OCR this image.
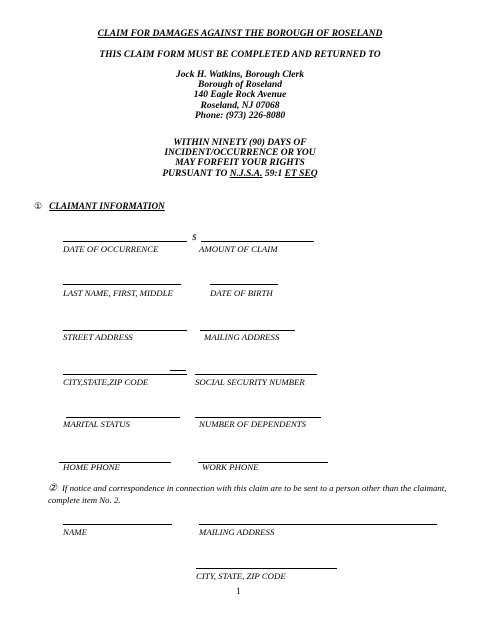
CLAIM FOR DAMAGES AGAINST THE BOROUGH OF ROSELAND
THIS CLAIM FORM MUST BE COMPLETED AND RETURNED TO
Jock H. Watkins, Borough Clerk
Borough of Roseland
140 Eagle Rock Avenue
Roseland, NJ 07068
Phone: (973) 226-8080
WITHIN NINETY (90) DAYS OF
INCIDENT/OCCURRENCE OR YOU
MAY FORFEIT YOUR RIGHTS
PURSUANT TO N.J.S.A. 59:1 ET SEQ
① CLAIMANT INFORMATION
$
DATE OF OCCURRENCE	AMOUNT OF CLAIM
LAST NAME, FIRST, MIDDLE	DATE OF BIRTH
STREET ADDRESS	MAILING ADDRESS
CITY,STATE,ZIP CODE	SOCIAL SECURITY NUMBER
MARITAL STATUS	NUMBER OF DEPENDENTS
HOME PHONE	WORK PHONE
② If notice and correspondence in connection with this claim are to be sent to a person other than the claimant, complete item No. 2.
NAME	MAILING ADDRESS
CITY, STATE, ZIP CODE
1
